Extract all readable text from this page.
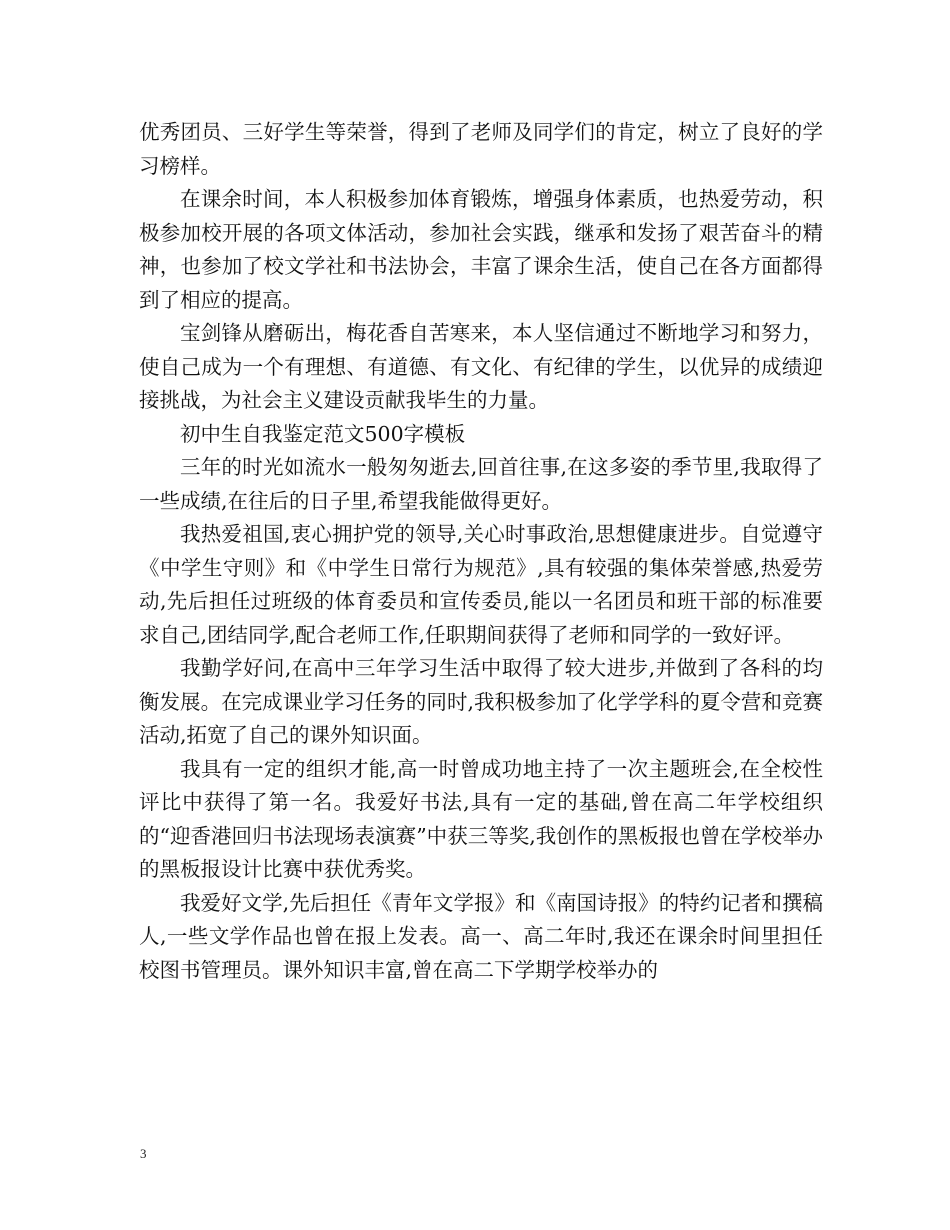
优秀团员、三好学生等荣誉，得到了老师及同学们的肯定，树立了良好的学习榜样。

在课余时间，本人积极参加体育锻炼，增强身体素质，也热爱劳动，积极参加校开展的各项文体活动，参加社会实践，继承和发扬了艰苦奋斗的精神，也参加了校文学社和书法协会，丰富了课余生活，使自己在各方面都得到了相应的提高。

宝剑锋从磨砺出，梅花香自苦寒来，本人坚信通过不断地学习和努力，使自己成为一个有理想、有道德、有文化、有纪律的学生，以优异的成绩迎接挑战，为社会主义建设贡献我毕生的力量。

初中生自我鉴定范文500字模板

三年的时光如流水一般匆匆逝去,回首往事,在这多姿的季节里,我取得了一些成绩,在往后的日子里,希望我能做得更好。

我热爱祖国,衷心拥护党的领导,关心时事政治,思想健康进步。自觉遵守《中学生守则》和《中学生日常行为规范》,具有较强的集体荣誉感,热爱劳动,先后担任过班级的体育委员和宣传委员,能以一名团员和班干部的标准要求自己,团结同学,配合老师工作,任职期间获得了老师和同学的一致好评。

我勤学好问,在高中三年学习生活中取得了较大进步,并做到了各科的均衡发展。在完成课业学习任务的同时,我积极参加了化学学科的夏令营和竞赛活动,拓宽了自己的课外知识面。

我具有一定的组织才能,高一时曾成功地主持了一次主题班会,在全校性评比中获得了第一名。我爱好书法,具有一定的基础,曾在高二年学校组织的“迎香港回归书法现场表演赛”中获三等奖,我创作的黑板报也曾在学校举办的黑板报设计比赛中获优秀奖。

我爱好文学,先后担任《青年文学报》和《南国诗报》的特约记者和撰稿人,一些文学作品也曾在报上发表。高一、高二年时,我还在课余时间里担任校图书管理员。课外知识丰富,曾在高二下学期学校举办的

3
